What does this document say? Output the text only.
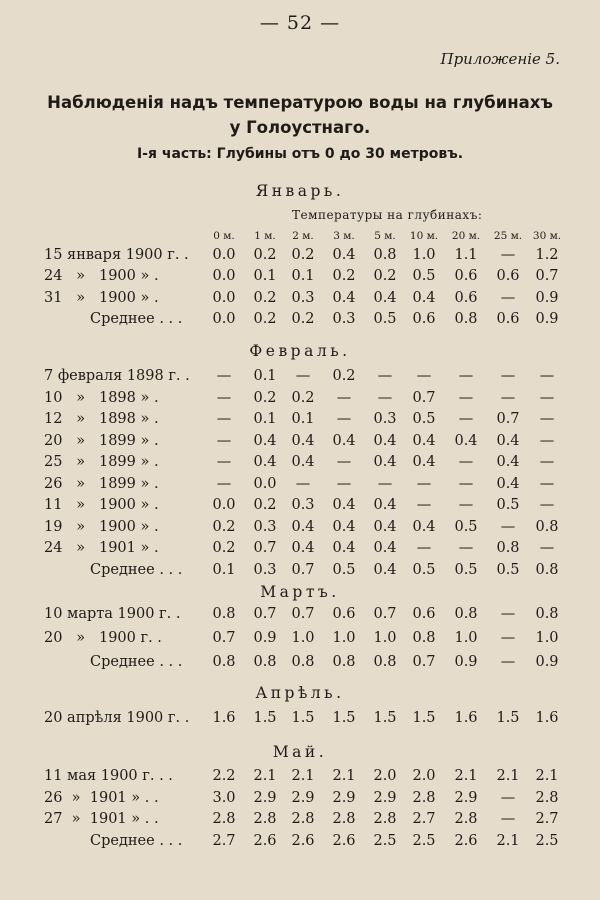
— 52 —
Приложеніе 5.
Наблюденія надъ температурою воды на глубинахъ
у Голоустнаго.
I-я часть: Глубины отъ 0 до 30 метровъ.
Температуры на глубинахъ:
0 м.	1 м.	2 м.	3 м.	5 м.	10 м.	20 м.	25 м.	30 м.
Январь.
15 января 1900 г. .	0.0	0.2	0.2	0.4	0.8	1.0	1.1	—	1.2
24   »   1900 » .	0.0	0.1	0.1	0.2	0.2	0.5	0.6	0.6	0.7
31   »   1900 » .	0.0	0.2	0.3	0.4	0.4	0.4	0.6	—	0.9
Среднее . . .	0.0	0.2	0.2	0.3	0.5	0.6	0.8	0.6	0.9
Февраль.
7 февраля 1898 г. .	—	0.1	—	0.2	—	—	—	—	—
10   »   1898 » .	—	0.2	0.2	—	—	0.7	—	—	—
12   »   1898 » .	—	0.1	0.1	—	0.3	0.5	—	0.7	—
20   »   1899 » .	—	0.4	0.4	0.4	0.4	0.4	0.4	0.4	—
25   »   1899 » .	—	0.4	0.4	—	0.4	0.4	—	0.4	—
26   »   1899 » .	—	0.0	—	—	—	—	—	0.4	—
11   »   1900 » .	0.0	0.2	0.3	0.4	0.4	—	—	0.5	—
19   »   1900 » .	0.2	0.3	0.4	0.4	0.4	0.4	0.5	—	0.8
24   »   1901 » .	0.2	0.7	0.4	0.4	0.4	—	—	0.8	—
Среднее . . .	0.1	0.3	0.7	0.5	0.4	0.5	0.5	0.5	0.8
Мартъ.
10 марта 1900 г. .	0.8	0.7	0.7	0.6	0.7	0.6	0.8	—	0.8
20   »   1900 г. .	0.7	0.9	1.0	1.0	1.0	0.8	1.0	—	1.0
Среднее . . .	0.8	0.8	0.8	0.8	0.8	0.7	0.9	—	0.9
Апрѣль.
20 апрѣля 1900 г. .	1.6	1.5	1.5	1.5	1.5	1.5	1.6	1.5	1.6
Май.
11 мая 1900 г. . .	2.2	2.1	2.1	2.1	2.0	2.0	2.1	2.1	2.1
26  »  1901 » . .	3.0	2.9	2.9	2.9	2.9	2.8	2.9	—	2.8
27  »  1901 » . .	2.8	2.8	2.8	2.8	2.8	2.7	2.8	—	2.7
Среднее . . .	2.7	2.6	2.6	2.6	2.5	2.5	2.6	2.1	2.5
